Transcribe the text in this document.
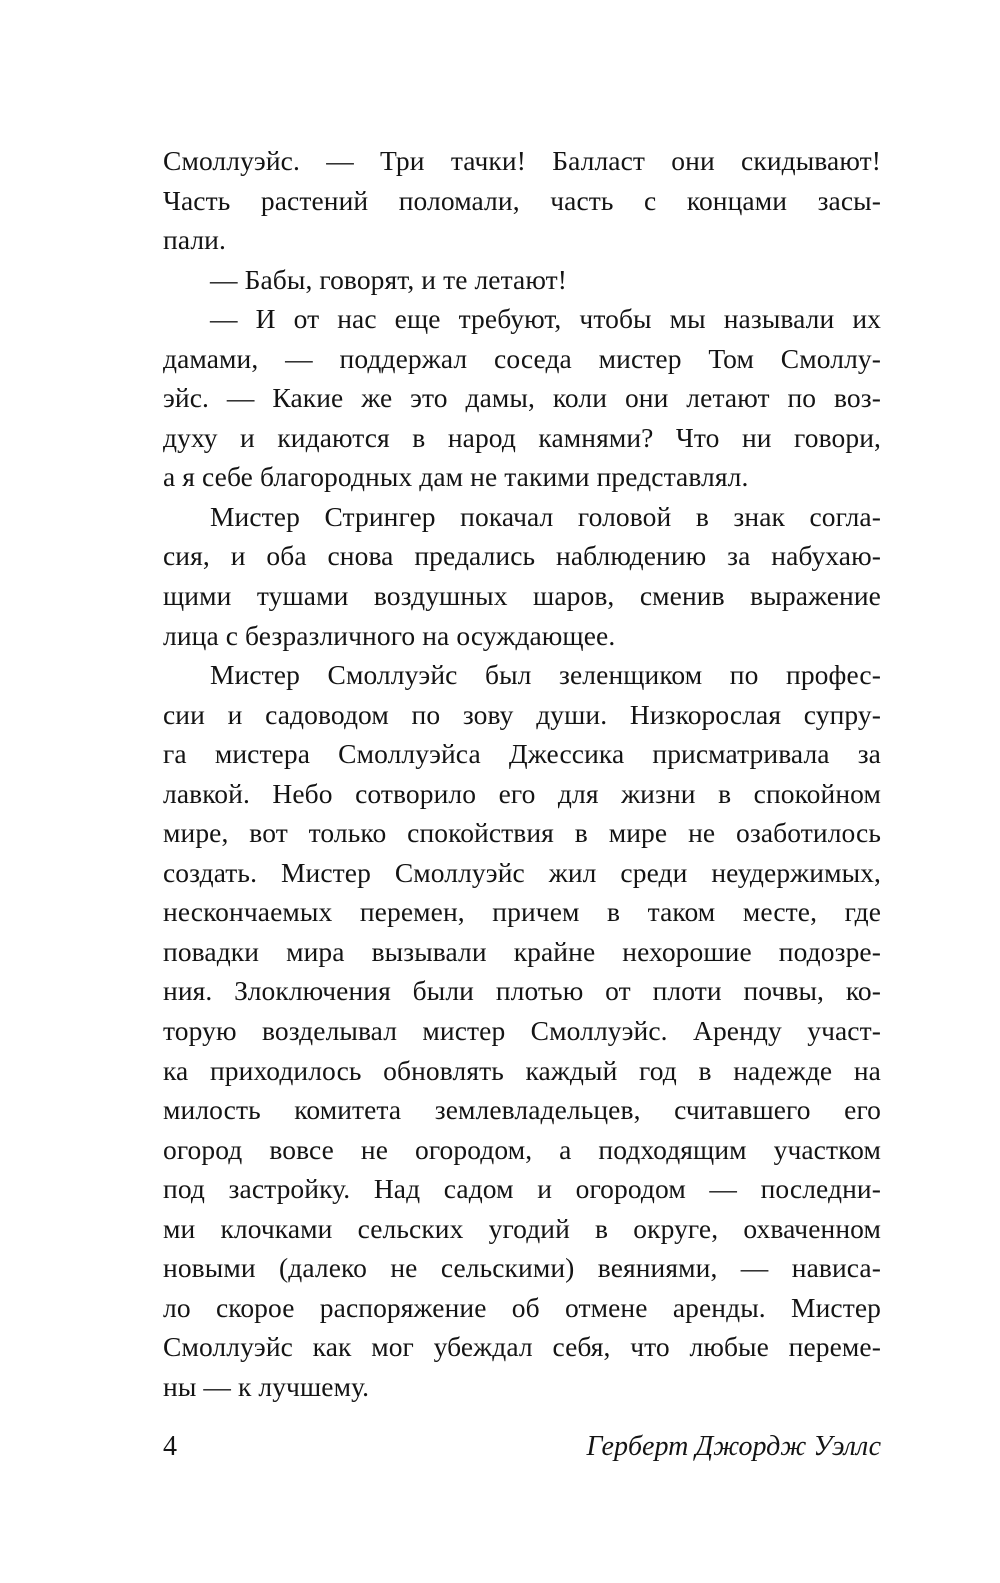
Смоллуэйс. — Три тачки! Балласт они скидывают!
Часть растений поломали, часть с концами засы-
пали.
— Бабы, говорят, и те летают!
— И от нас еще требуют, чтобы мы называли их
дамами, — поддержал соседа мистер Том Смоллу-
эйс. — Какие же это дамы, коли они летают по воз-
духу и кидаются в народ камнями? Что ни говори,
а я себе благородных дам не такими представлял.
Мистер Стрингер покачал головой в знак согла-
сия, и оба снова предались наблюдению за набухаю-
щими тушами воздушных шаров, сменив выражение
лица с безразличного на осуждающее.
Мистер Смоллуэйс был зеленщиком по профес-
сии и садоводом по зову души. Низкорослая супру-
га мистера Смоллуэйса Джессика присматривала за
лавкой. Небо сотворило его для жизни в спокойном
мире, вот только спокойствия в мире не озаботилось
создать. Мистер Смоллуэйс жил среди неудержимых,
нескончаемых перемен, причем в таком месте, где
повадки мира вызывали крайне нехорошие подозре-
ния. Злоключения были плотью от плоти почвы, ко-
торую возделывал мистер Смоллуэйс. Аренду участ-
ка приходилось обновлять каждый год в надежде на
милость комитета землевладельцев, считавшего его
огород вовсе не огородом, а подходящим участком
под застройку. Над садом и огородом — последни-
ми клочками сельских угодий в округе, охваченном
новыми (далеко не сельскими) веяниями, — нависа-
ло скорое распоряжение об отмене аренды. Мистер
Смоллуэйс как мог убеждал себя, что любые переме-
ны — к лучшему.
4	Герберт Джордж Уэллс
